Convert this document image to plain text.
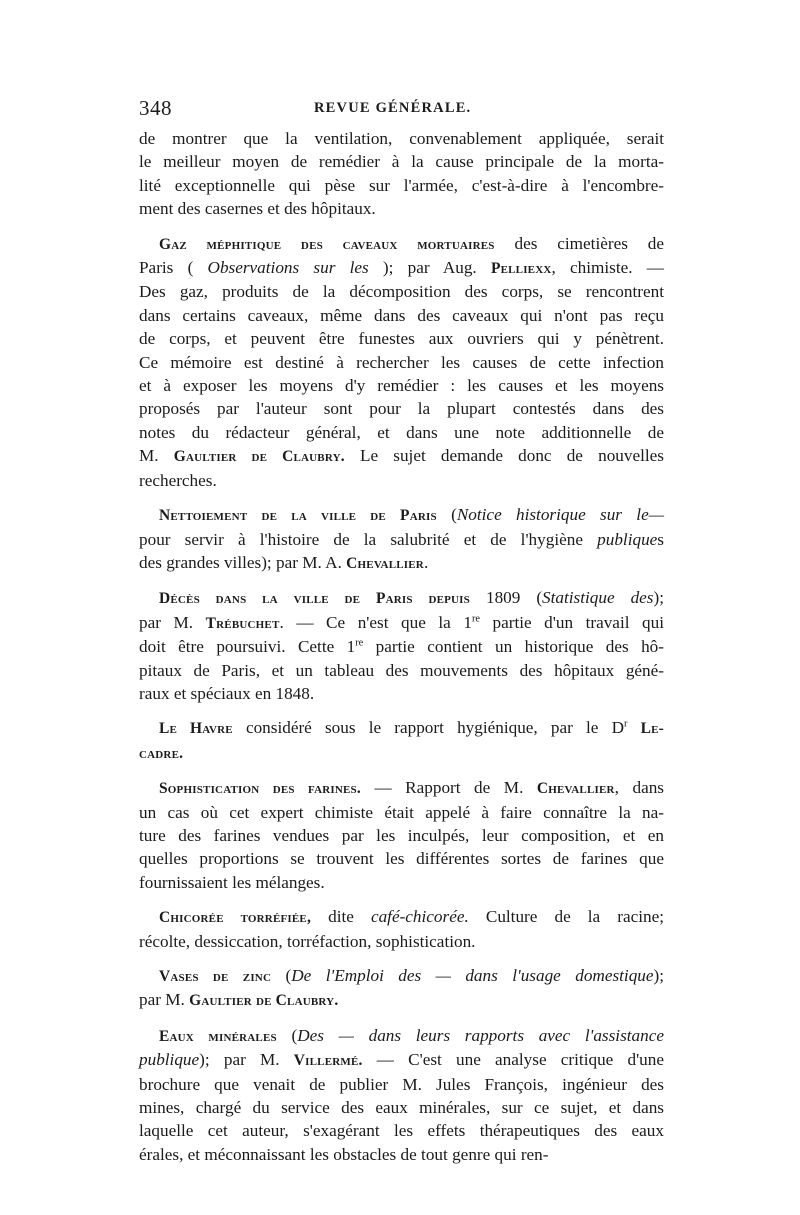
348	REVUE GÉNÉRALE.

de montrer que la ventilation, convenablement appliquée, serait
le meilleur moyen de remédier à la cause principale de la morta-
lité exceptionnelle qui pèse sur l'armée, c'est-à-dire à l'encombre-
ment des casernes et des hôpitaux.

Gaz méphitique des caveaux mortuaires des cimetières de
Paris ( Observations sur les ); par Aug. Pelliexx, chimiste. —
Des gaz, produits de la décomposition des corps, se rencontrent
dans certains caveaux, même dans des caveaux qui n'ont pas reçu
de corps, et peuvent être funestes aux ouvriers qui y pénètrent.
Ce mémoire est destiné à rechercher les causes de cette infection
et à exposer les moyens d'y remédier : les causes et les moyens
proposés par l'auteur sont pour la plupart contestés dans des
notes du rédacteur général, et dans une note additionnelle de
M. Gaultier de Claubry. Le sujet demande donc de nouvelles
recherches.

Nettoiement de la ville de Paris (Notice historique sur le—
pour servir à l'histoire de la salubrité et de l'hygiène publiques
des grandes villes); par M. A. Chevallier.

Décès dans la ville de Paris depuis 1809 (Statistique des);
par M. Trébuchet. — Ce n'est que la 1re partie d'un travail qui
doit être poursuivi. Cette 1re partie contient un historique des hô-
pitaux de Paris, et un tableau des mouvements des hôpitaux géné-
raux et spéciaux en 1848.

Le Havre considéré sous le rapport hygiénique, par le $D^r$ Le-
cadre.

Sophistication des farines. — Rapport de M. Chevallier, dans
un cas où cet expert chimiste était appelé à faire connaître la na-
ture des farines vendues par les inculpés, leur composition, et en
quelles proportions se trouvent les différentes sortes de farines que
fournissaient les mélanges.

Chicorée torréfiée, dite café-chicorée. Culture de la racine;
récolte, dessiccation, torréfaction, sophistication.

Vases de zinc (De l'Emploi des — dans l'usage domestique);
par M. Gaultier de Claubry.

Eaux minérales (Des — dans leurs rapports avec l'assistance
publique); par M. Villermé. — C'est une analyse critique d'une
brochure que venait de publier M. Jules François, ingénieur des
mines, chargé du service des eaux minérales, sur ce sujet, et dans
laquelle cet auteur, s'exagérant les effets thérapeutiques des eaux
érales, et méconnaissant les obstacles de tout genre qui ren-
